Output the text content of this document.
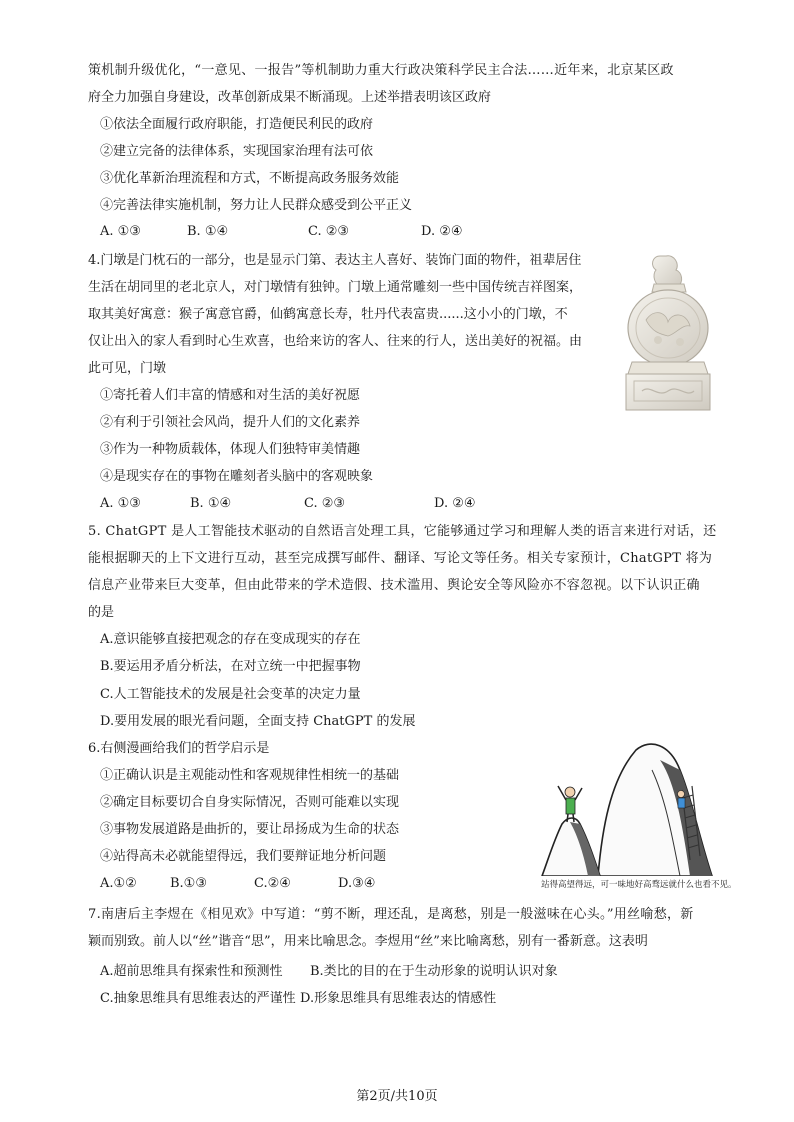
策机制升级优化，“一意见、一报告”等机制助力重大行政决策科学民主合法……近年来，北京某区政
府全力加强自身建设，改革创新成果不断涌现。上述举措表明该区政府
①依法全面履行政府职能，打造便民利民的政府
②建立完备的法律体系，实现国家治理有法可依
③优化革新治理流程和方式，不断提高政务服务效能
④完善法律实施机制，努力让人民群众感受到公平正义
A. ①③	B. ①④	C. ②③	D. ②④
4.门墩是门枕石的一部分，也是显示门第、表达主人喜好、装饰门面的物件，祖辈居住
生活在胡同里的老北京人，对门墩情有独钟。门墩上通常雕刻一些中国传统吉祥图案，
取其美好寓意：猴子寓意官爵，仙鹤寓意长寿，牡丹代表富贵......这小小的门墩，不
仅让出入的家人看到时心生欢喜，也给来访的客人、往来的行人，送出美好的祝福。由
此可见，门墩
①寄托着人们丰富的情感和对生活的美好祝愿
②有利于引领社会风尚，提升人们的文化素养
③作为一种物质载体，体现人们独特审美情趣
④是现实存在的事物在雕刻者头脑中的客观映象
A. ①③	B. ①④	C. ②③	D. ②④
5. ChatGPT 是人工智能技术驱动的自然语言处理工具，它能够通过学习和理解人类的语言来进行对话，还
能根据聊天的上下文进行互动，甚至完成撰写邮件、翻译、写论文等任务。相关专家预计，ChatGPT 将为
信息产业带来巨大变革，但由此带来的学术造假、技术滥用、舆论安全等风险亦不容忽视。以下认识正确
的是
A.意识能够直接把观念的存在变成现实的存在
B.要运用矛盾分析法，在对立统一中把握事物
C.人工智能技术的发展是社会变革的决定力量
D.要用发展的眼光看问题，全面支持 ChatGPT 的发展
6.右侧漫画给我们的哲学启示是
①正确认识是主观能动性和客观规律性相统一的基础
②确定目标要切合自身实际情况，否则可能难以实现
③事物发展道路是曲折的，要让昂扬成为生命的状态
④站得高未必就能望得远，我们要辩证地分析问题
A.①②	B.①③	C.②④	D.③④	站得高望得远，可一味地好高骛远就什么也看不见。
7.南唐后主李煜在《相见欢》中写道：“剪不断，理还乱，是离愁，别是一般滋味在心头。”用丝喻愁，新
颖而别致。前人以“丝”谐音“思”，用来比喻思念。李煜用“丝”来比喻离愁，别有一番新意。这表明
A.超前思维具有探索性和预测性 B.类比的目的在于生动形象的说明认识对象
C.抽象思维具有思维表达的严谨性 D.形象思维具有思维表达的情感性
第2页/共10页
